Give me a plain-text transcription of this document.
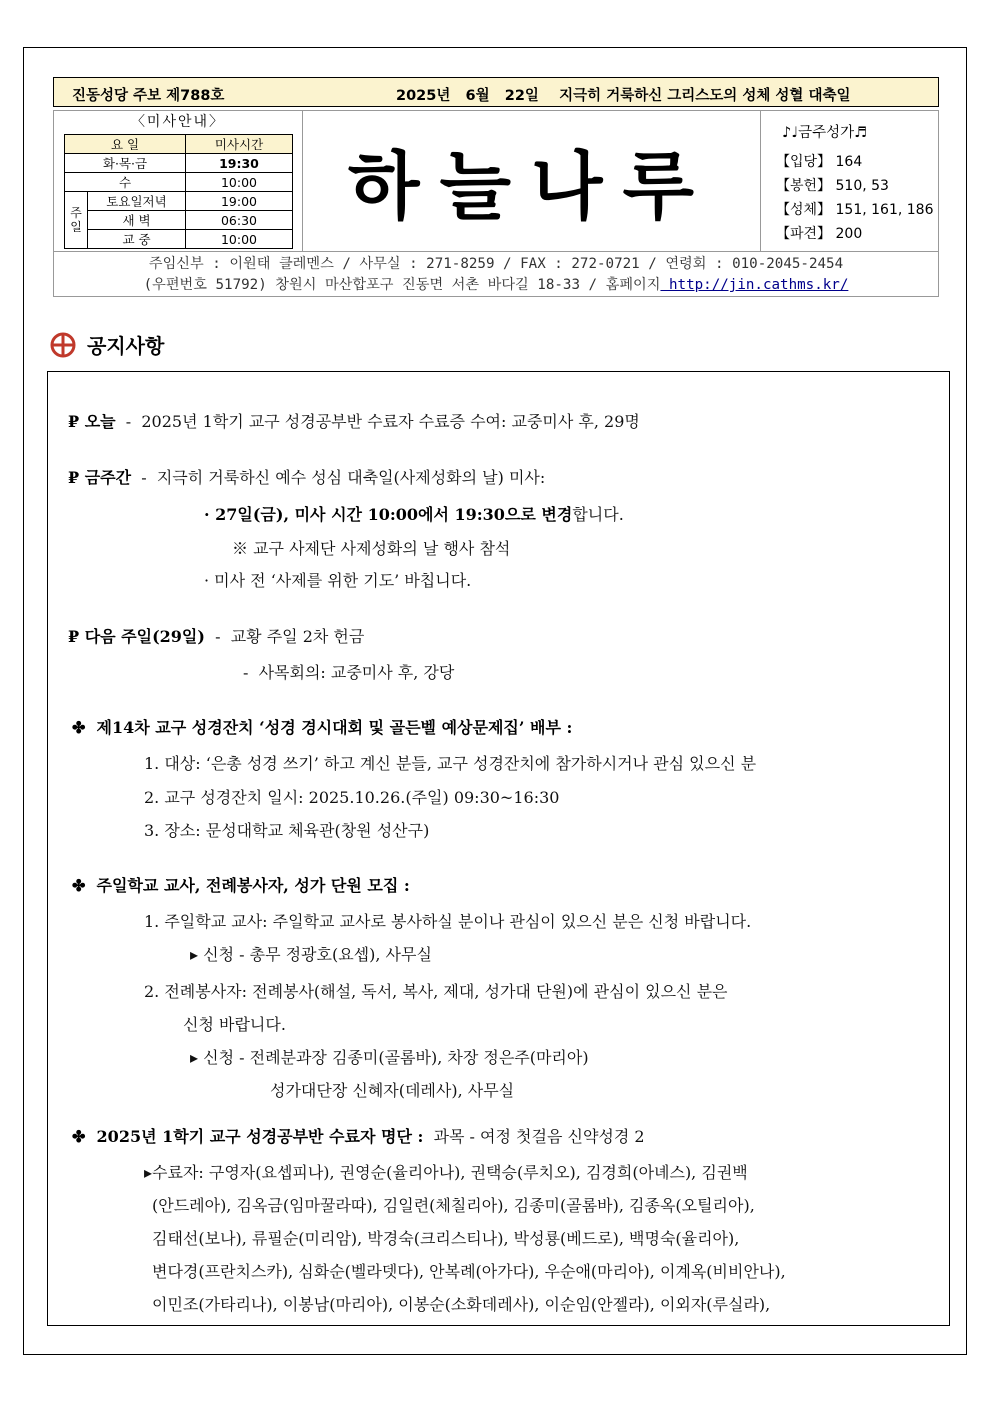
진동성당 주보 제788호	2025년   6월   22일    지극히 거룩하신 그리스도의 성체 성혈 대축일
〈미사안내〉
요 일		미사시간
화·목·금		19:30
수		10:00
주일	토요일저녁	19:00
	새 벽	06:30
	교 중	10:00
하늘나루
♪♩금주성가♬
【입당】 164
【봉헌】 510, 53
【성체】 151, 161, 186
【파견】 200
주임신부 : 이원태 클레멘스 / 사무실 : 271-8259 / FAX : 272-0721 / 연령회 : 010-2045-2454
(우편번호 51792) 창원시 마산합포구 진동면 서촌 바다길 18-33 / 홈페이지 http://jin.cathms.kr/
공지사항
₽ 오늘  -  2025년 1학기 교구 성경공부반 수료자 수료증 수여: 교중미사 후, 29명
₽ 금주간  -  지극히 거룩하신 예수 성심 대축일(사제성화의 날) 미사:
· 27일(금), 미사 시간 10:00에서 19:30으로 변경합니다.
※ 교구 사제단 사제성화의 날 행사 참석
· 미사 전 ‘사제를 위한 기도’ 바칩니다.
₽ 다음 주일(29일)  -  교황 주일 2차 헌금
-  사목회의: 교중미사 후, 강당
✤  제14차 교구 성경잔치 ‘성경 경시대회 및 골든벨 예상문제집’ 배부 :
1. 대상: ‘은총 성경 쓰기’ 하고 계신 분들, 교구 성경잔치에 참가하시거나 관심 있으신 분
2. 교구 성경잔치 일시: 2025.10.26.(주일) 09:30~16:30
3. 장소: 문성대학교 체육관(창원 성산구)
✤  주일학교 교사, 전례봉사자, 성가 단원 모집 :
1. 주일학교 교사: 주일학교 교사로 봉사하실 분이나 관심이 있으신 분은 신청 바랍니다.
▸ 신청 - 총무 정광호(요셉), 사무실
2. 전례봉사자: 전례봉사(해설, 독서, 복사, 제대, 성가대 단원)에 관심이 있으신 분은
신청 바랍니다.
▸ 신청 - 전례분과장 김종미(골롬바), 차장 정은주(마리아)
성가대단장 신혜자(데레사), 사무실
✤  2025년 1학기 교구 성경공부반 수료자 명단 :  과목 - 여정 첫걸음 신약성경 2
▸수료자: 구영자(요셉피나), 권영순(율리아나), 권택승(루치오), 김경희(아녜스), 김권백
(안드레아), 김옥금(임마꿀라따), 김일련(체칠리아), 김종미(골롬바), 김종옥(오틸리아),
김태선(보나), 류필순(미리암), 박경숙(크리스티나), 박성룡(베드로), 백명숙(율리아),
변다경(프란치스카), 심화순(벨라뎃다), 안복례(아가다), 우순애(마리아), 이계옥(비비안나),
이민조(가타리나), 이봉남(마리아), 이봉순(소화데레사), 이순임(안젤라), 이외자(루실라),
